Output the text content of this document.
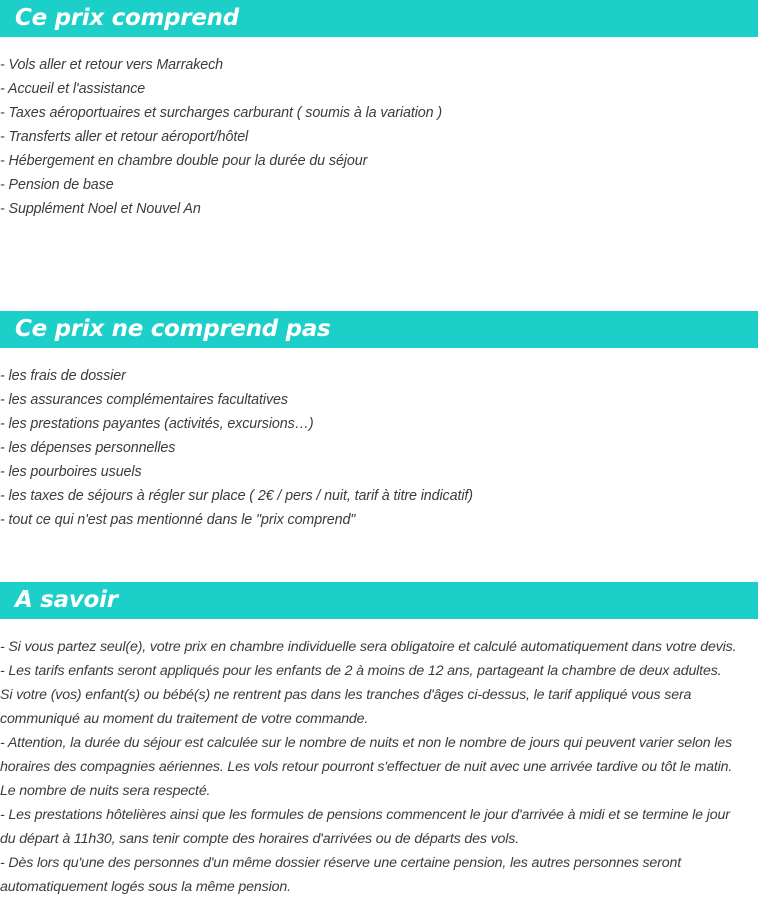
Ce prix comprend
- Vols aller et retour vers Marrakech
- Accueil et l'assistance
- Taxes aéroportuaires et surcharges carburant ( soumis à la variation )
- Transferts aller et retour aéroport/hôtel
- Hébergement en chambre double pour la durée du séjour
- Pension de base
- Supplément Noel et Nouvel An
Ce prix ne comprend pas
- les frais de dossier
- les assurances complémentaires facultatives
- les prestations payantes (activités, excursions…)
- les dépenses personnelles
- les pourboires usuels
- les taxes de séjours à régler sur place ( 2€ / pers / nuit, tarif à titre indicatif)
- tout ce qui n'est pas mentionné dans le "prix comprend"
A savoir
- Si vous partez seul(e), votre prix en chambre individuelle sera obligatoire et calculé automatiquement dans votre devis.
- Les tarifs enfants seront appliqués pour les enfants de 2 à moins de 12 ans, partageant la chambre de deux adultes.
Si votre (vos) enfant(s) ou bébé(s) ne rentrent pas dans les tranches d'âges ci-dessus, le tarif appliqué vous sera
communiqué au moment du traitement de votre commande.
- Attention, la durée du séjour est calculée sur le nombre de nuits et non le nombre de jours qui peuvent varier selon les
horaires des compagnies aériennes. Les vols retour pourront s'effectuer de nuit avec une arrivée tardive ou tôt le matin.
Le nombre de nuits sera respecté.
- Les prestations hôtelières ainsi que les formules de pensions commencent le jour d'arrivée à midi et se termine le jour
du départ à 11h30, sans tenir compte des horaires d'arrivées ou de départs des vols.
- Dès lors qu'une des personnes d'un même dossier réserve une certaine pension, les autres personnes seront
automatiquement logés sous la même pension.
